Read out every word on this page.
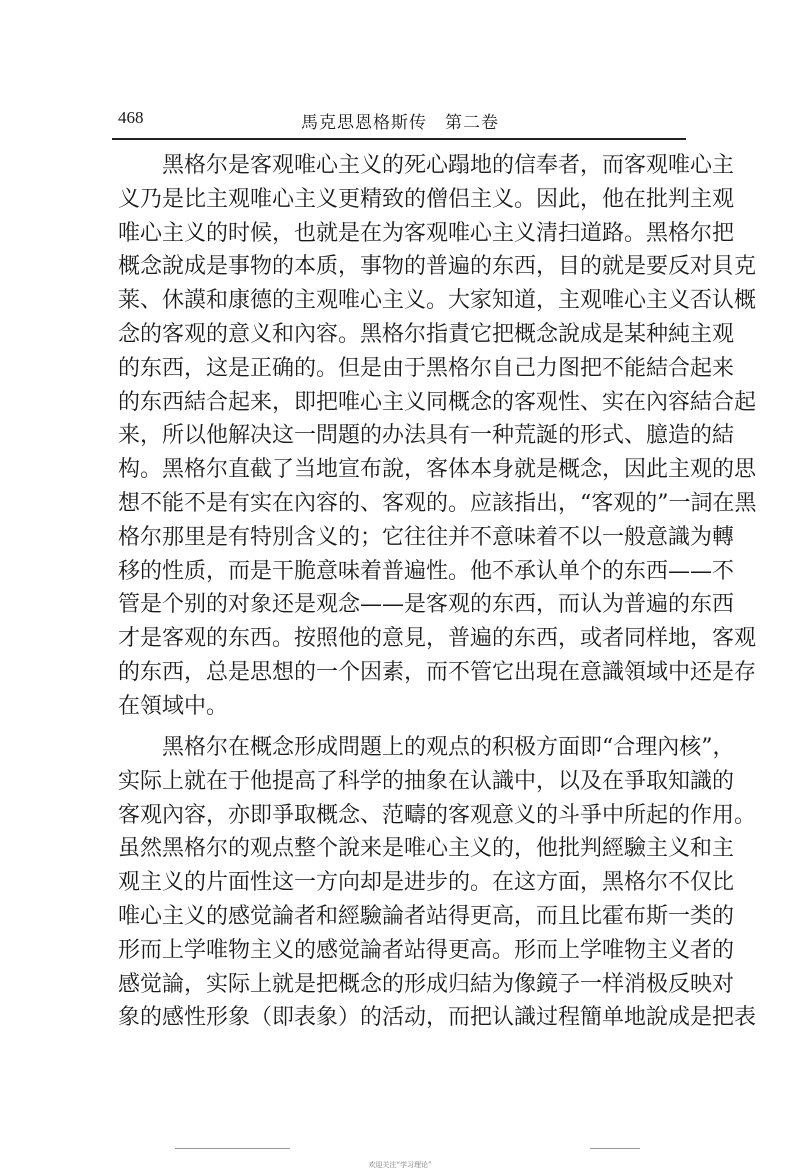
468	馬克思恩格斯传　第二卷
　　黑格尔是客观唯心主义的死心蹋地的信奉者，而客观唯心主
义乃是比主观唯心主义更精致的僧侣主义。因此，他在批判主观
唯心主义的时候，也就是在为客观唯心主义清扫道路。黑格尔把
概念說成是事物的本质，事物的普遍的东西，目的就是要反对貝克
莱、休謨和康德的主观唯心主义。大家知道，主观唯心主义否认概
念的客观的意义和內容。黑格尔指責它把概念說成是某种純主观
的东西，这是正确的。但是由于黑格尔自己力图把不能結合起来
的东西結合起来，即把唯心主义同概念的客观性、实在內容結合起
来，所以他解决这一問題的办法具有一种荒誕的形式、臆造的結
构。黑格尔直截了当地宣布說，客体本身就是概念，因此主观的思
想不能不是有实在內容的、客观的。应該指出，“客观的”一詞在黑
格尔那里是有特別含义的；它往往并不意味着不以一般意識为轉
移的性质，而是干脆意味着普遍性。他不承认单个的东西——不
管是个别的对象还是观念——是客观的东西，而认为普遍的东西
才是客观的东西。按照他的意見，普遍的东西，或者同样地，客观
的东西，总是思想的一个因素，而不管它出現在意識領域中还是存
在領域中。
　　黑格尔在概念形成問題上的观点的积极方面即“合理內核”，
实际上就在于他提高了科学的抽象在认識中，以及在爭取知識的
客观內容，亦即爭取概念、范疇的客观意义的斗爭中所起的作用。
虽然黑格尔的观点整个說来是唯心主义的，他批判經驗主义和主
观主义的片面性这一方向却是进步的。在这方面，黑格尔不仅比
唯心主义的感觉論者和經驗論者站得更高，而且比霍布斯一类的
形而上学唯物主义的感觉論者站得更高。形而上学唯物主义者的
感觉論，实际上就是把概念的形成归結为像鏡子一样消极反映对
象的感性形象（即表象）的活动，而把认識过程簡单地說成是把表
欢迎关注“学习理论”
